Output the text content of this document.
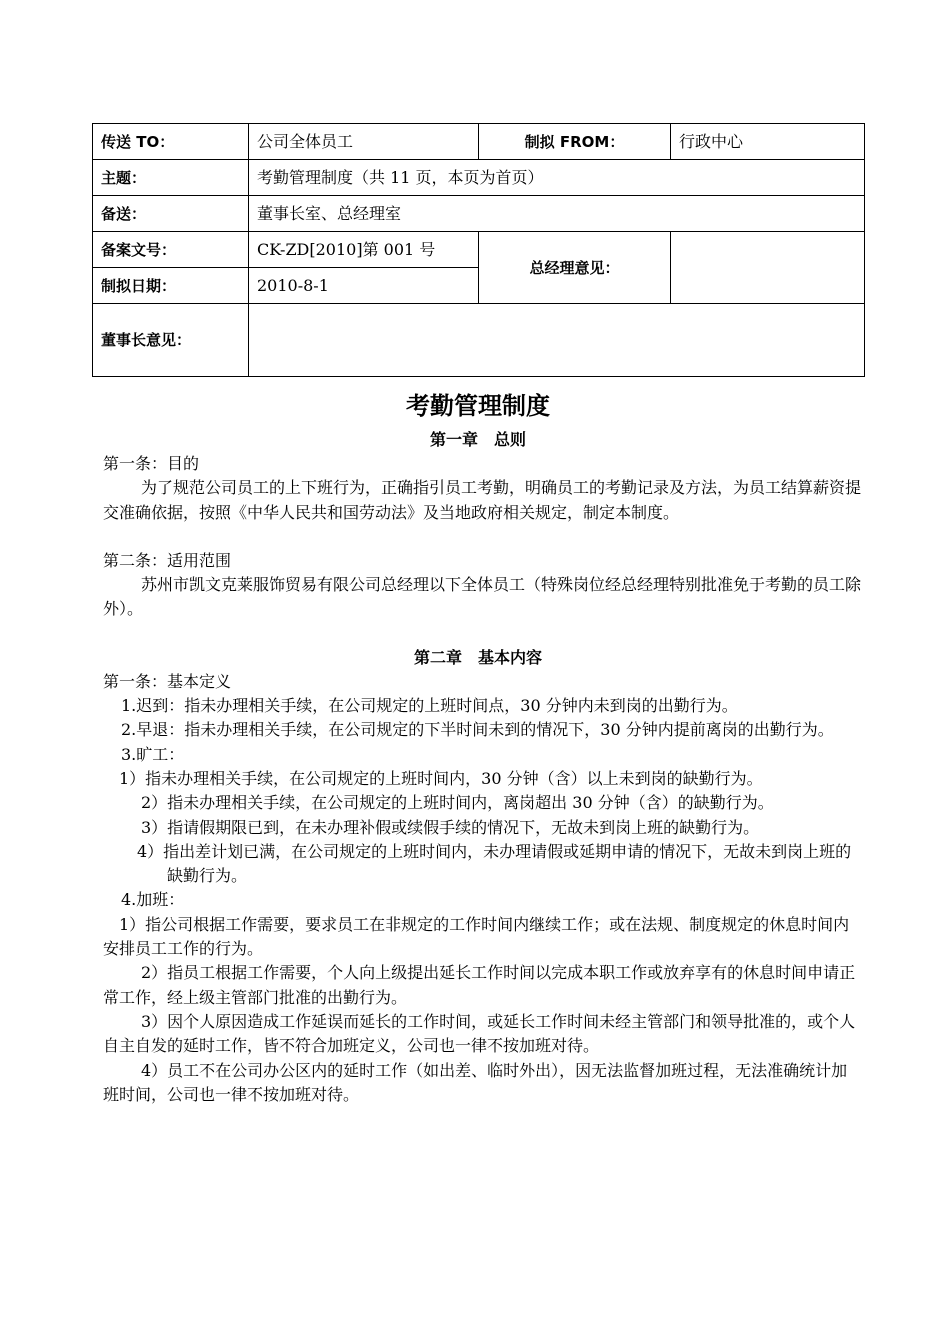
传送 TO：	公司全体员工	制拟 FROM：	行政中心
主题：	考勤管理制度（共 11 页，本页为首页）		
备送：	董事长室、总经理室		
备案文号：	CK-ZD[2010]第 001 号	总经理意见：	
制拟日期：	2010-8-1		
董事长意见：			
考勤管理制度
第一章　总则

第一条：目的

为了规范公司员工的上下班行为，正确指引员工考勤，明确员工的考勤记录及方法，为员工结算薪资提交准确依据，按照《中华人民共和国劳动法》及当地政府相关规定，制定本制度。

第二条：适用范围

苏州市凯文克莱服饰贸易有限公司总经理以下全体员工（特殊岗位经总经理特别批准免于考勤的员工除外）。

第二章　基本内容

第一条：基本定义

1.迟到：指未办理相关手续，在公司规定的上班时间点，30 分钟内未到岗的出勤行为。

2.早退：指未办理相关手续，在公司规定的下半时间未到的情况下，30 分钟内提前离岗的出勤行为。

3.旷工：

1）指未办理相关手续，在公司规定的上班时间内，30 分钟（含）以上未到岗的缺勤行为。

2）指未办理相关手续，在公司规定的上班时间内，离岗超出 30 分钟（含）的缺勤行为。

3）指请假期限已到，在未办理补假或续假手续的情况下，无故未到岗上班的缺勤行为。

4）指出差计划已满，在公司规定的上班时间内，未办理请假或延期申请的情况下，无故未到岗上班的缺勤行为。

4.加班：

1）指公司根据工作需要，要求员工在非规定的工作时间内继续工作；或在法规、制度规定的休息时间内安排员工工作的行为。

2）指员工根据工作需要，个人向上级提出延长工作时间以完成本职工作或放弃享有的休息时间申请正常工作，经上级主管部门批准的出勤行为。

3）因个人原因造成工作延误而延长的工作时间，或延长工作时间未经主管部门和领导批准的，或个人自主自发的延时工作，皆不符合加班定义，公司也一律不按加班对待。

4）员工不在公司办公区内的延时工作（如出差、临时外出），因无法监督加班过程，无法准确统计加班时间，公司也一律不按加班对待。
